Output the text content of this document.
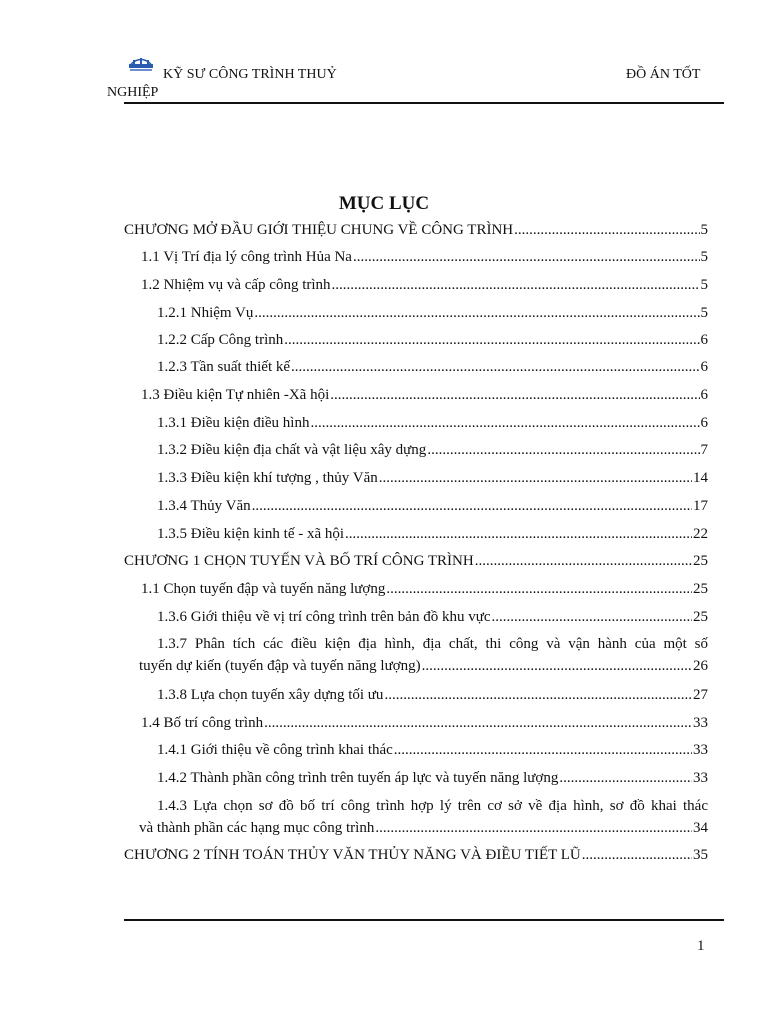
KỸ SƯ CÔNG TRÌNH THUỶ	ĐỒ ÁN TỐT
NGHIỆP
MỤC LỤC
CHƯƠNG MỞ ĐẦU GIỚI THIỆU CHUNG VỀ CÔNG TRÌNH .....	5
1.1 Vị Trí địa lý công trình Hủa Na .....	5
1.2 Nhiệm vụ và cấp công trình .....	5
1.2.1 Nhiệm Vụ .....	5
1.2.2 Cấp Công trình .....	6
1.2.3 Tần suất thiết kế .....	6
1.3 Điều kiện Tự nhiên -Xã hội .....	6
1.3.1 Điều kiện điều hình .....	6
1.3.2 Điều kiện địa chất và vật liệu xây dựng .....	7
1.3.3 Điều kiện khí tượng , thủy Văn .....	14
1.3.4 Thủy Văn .....	17
1.3.5 Điều kiện kinh tế - xã hội .....	22
CHƯƠNG 1 CHỌN TUYẾN VÀ BỐ TRÍ CÔNG TRÌNH .....	25
1.1 Chọn tuyến đập và tuyến năng lượng .....	25
1.3.6 Giới thiệu về vị trí công trình trên bản đồ khu vực .....	25
1.3.7 Phân tích các điều kiện địa hình, địa chất, thi công và vận hành của một số
tuyến dự kiến (tuyến đập và tuyến năng lượng) .....	26
1.3.8 Lựa chọn tuyến xây dựng tối ưu .....	27
1.4 Bố trí công trình .....	33
1.4.1 Giới thiệu về công trình khai thác .....	33
1.4.2 Thành phần công trình trên tuyến áp lực và tuyến năng lượng .....	33
1.4.3 Lựa chọn sơ đồ bố trí công trình hợp lý trên cơ sở về địa hình, sơ đồ khai thác
và thành phần các hạng mục công trình .....	34
CHƯƠNG 2 TÍNH TOÁN THỦY VĂN THỦY NĂNG VÀ ĐIỀU TIẾT LŨ .....	35
1
